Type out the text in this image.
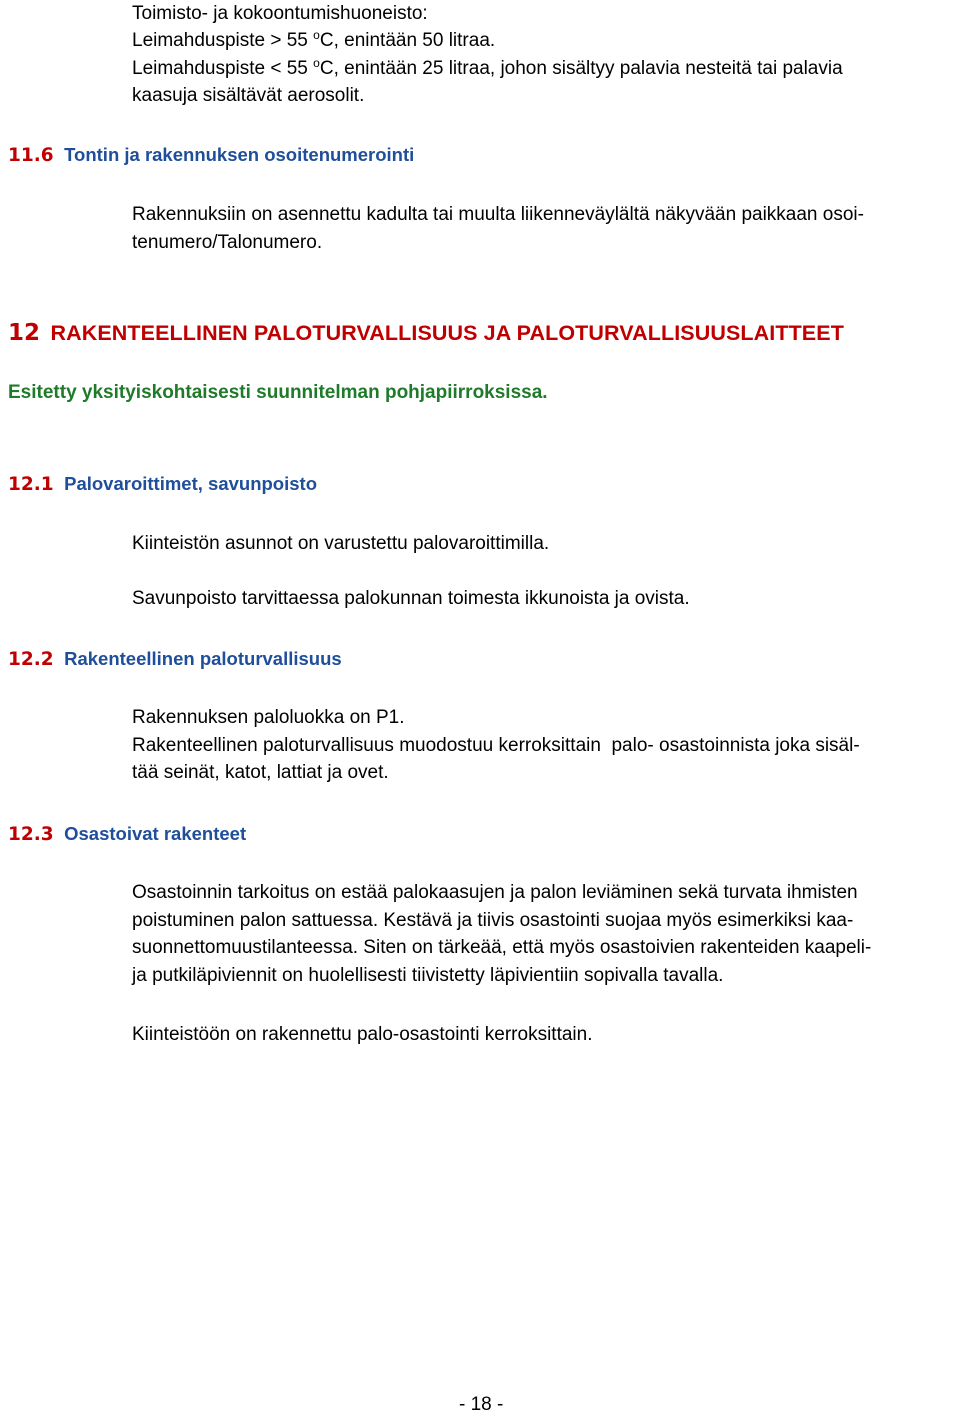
Toimisto- ja kokoontumishuoneisto:
Leimahduspiste > 55 $^o$C, enintään 50 litraa.
Leimahduspiste < 55 $^o$C, enintään 25 litraa, johon sisältyy palavia nesteitä tai palavia
kaasuja sisältävät aerosolit.
11.6 Tontin ja rakennuksen osoitenumerointi
Rakennuksiin on asennettu kadulta tai muulta liikenneväylältä näkyvään paikkaan osoi-
tenumero/Talonumero.
12 RAKENTEELLINEN PALOTURVALLISUUS JA PALOTURVALLISUUSLAITTEET
Esitetty yksityiskohtaisesti suunnitelman pohjapiirroksissa.
12.1 Palovaroittimet, savunpoisto
Kiinteistön asunnot on varustettu palovaroittimilla.
Savunpoisto tarvittaessa palokunnan toimesta ikkunoista ja ovista.
12.2 Rakenteellinen paloturvallisuus
Rakennuksen paloluokka on P1.
Rakenteellinen paloturvallisuus muodostuu kerroksittain  palo- osastoinnista joka sisäl-
tää seinät, katot, lattiat ja ovet.
12.3 Osastoivat rakenteet
Osastoinnin tarkoitus on estää palokaasujen ja palon leviäminen sekä turvata ihmisten
poistuminen palon sattuessa. Kestävä ja tiivis osastointi suojaa myös esimerkiksi kaa-
suonnettomuustilanteessa. Siten on tärkeää, että myös osastoivien rakenteiden kaapeli-
ja putkiläpiviennit on huolellisesti tiivistetty läpivientiin sopivalla tavalla.
Kiinteistöön on rakennettu palo-osastointi kerroksittain.
- 18 -
